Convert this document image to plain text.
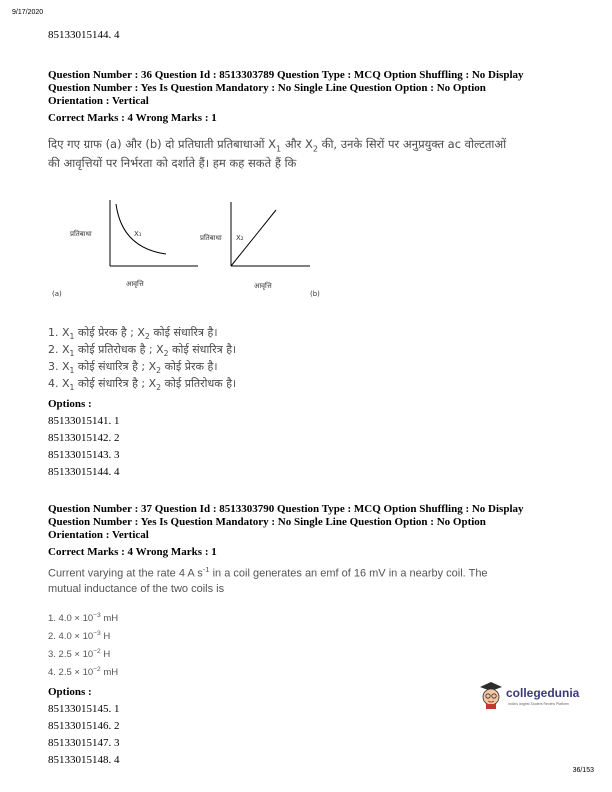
9/17/2020
85133015144. 4
Question Number : 36 Question Id : 8513303789 Question Type : MCQ Option Shuffling : No Display
Question Number : Yes Is Question Mandatory : No Single Line Question Option : No Option
Orientation : Vertical
Correct Marks : 4 Wrong Marks : 1
दिए गए ग्राफ (a) और (b) दो प्रतिघाती प्रतिबाधाओं $X_1$ और $X_2$ की, उनके सिरों पर अनुप्रयुक्त ac वोल्टताओं
की आवृत्तियों पर निर्भरता को दर्शाते हैं। हम कह सकते हैं कि
प्रतिबाधा	X₁
आवृत्ति
(a)
प्रतिबाधा X₂
आवृत्ति
(b)
1. $X_1$ कोई प्रेरक है ; $X_2$ कोई संधारित्र है।
2. $X_1$ कोई प्रतिरोधक है ; $X_2$ कोई संधारित्र है।
3. $X_1$ कोई संधारित्र है ; $X_2$ कोई प्रेरक है।
4. $X_1$ कोई संधारित्र है ; $X_2$ कोई प्रतिरोधक है।
Options :
85133015141. 1
85133015142. 2
85133015143. 3
85133015144. 4
Question Number : 37 Question Id : 8513303790 Question Type : MCQ Option Shuffling : No Display
Question Number : Yes Is Question Mandatory : No Single Line Question Option : No Option
Orientation : Vertical
Correct Marks : 4 Wrong Marks : 1
Current varying at the rate 4 A $s^{-1}$ in a coil generates an emf of 16 mV in a nearby coil. The
mutual inductance of the two coils is
1. $4.0 \times 10^{-3}$ mH
2. $4.0 \times 10^{-3}$ H
3. $2.5 \times 10^{-2}$ H
4. $2.5 \times 10^{-2}$ mH
Options :
85133015145. 1
85133015146. 2
85133015147. 3
85133015148. 4
collegedunia
India's largest Student Review Platform
36/153
